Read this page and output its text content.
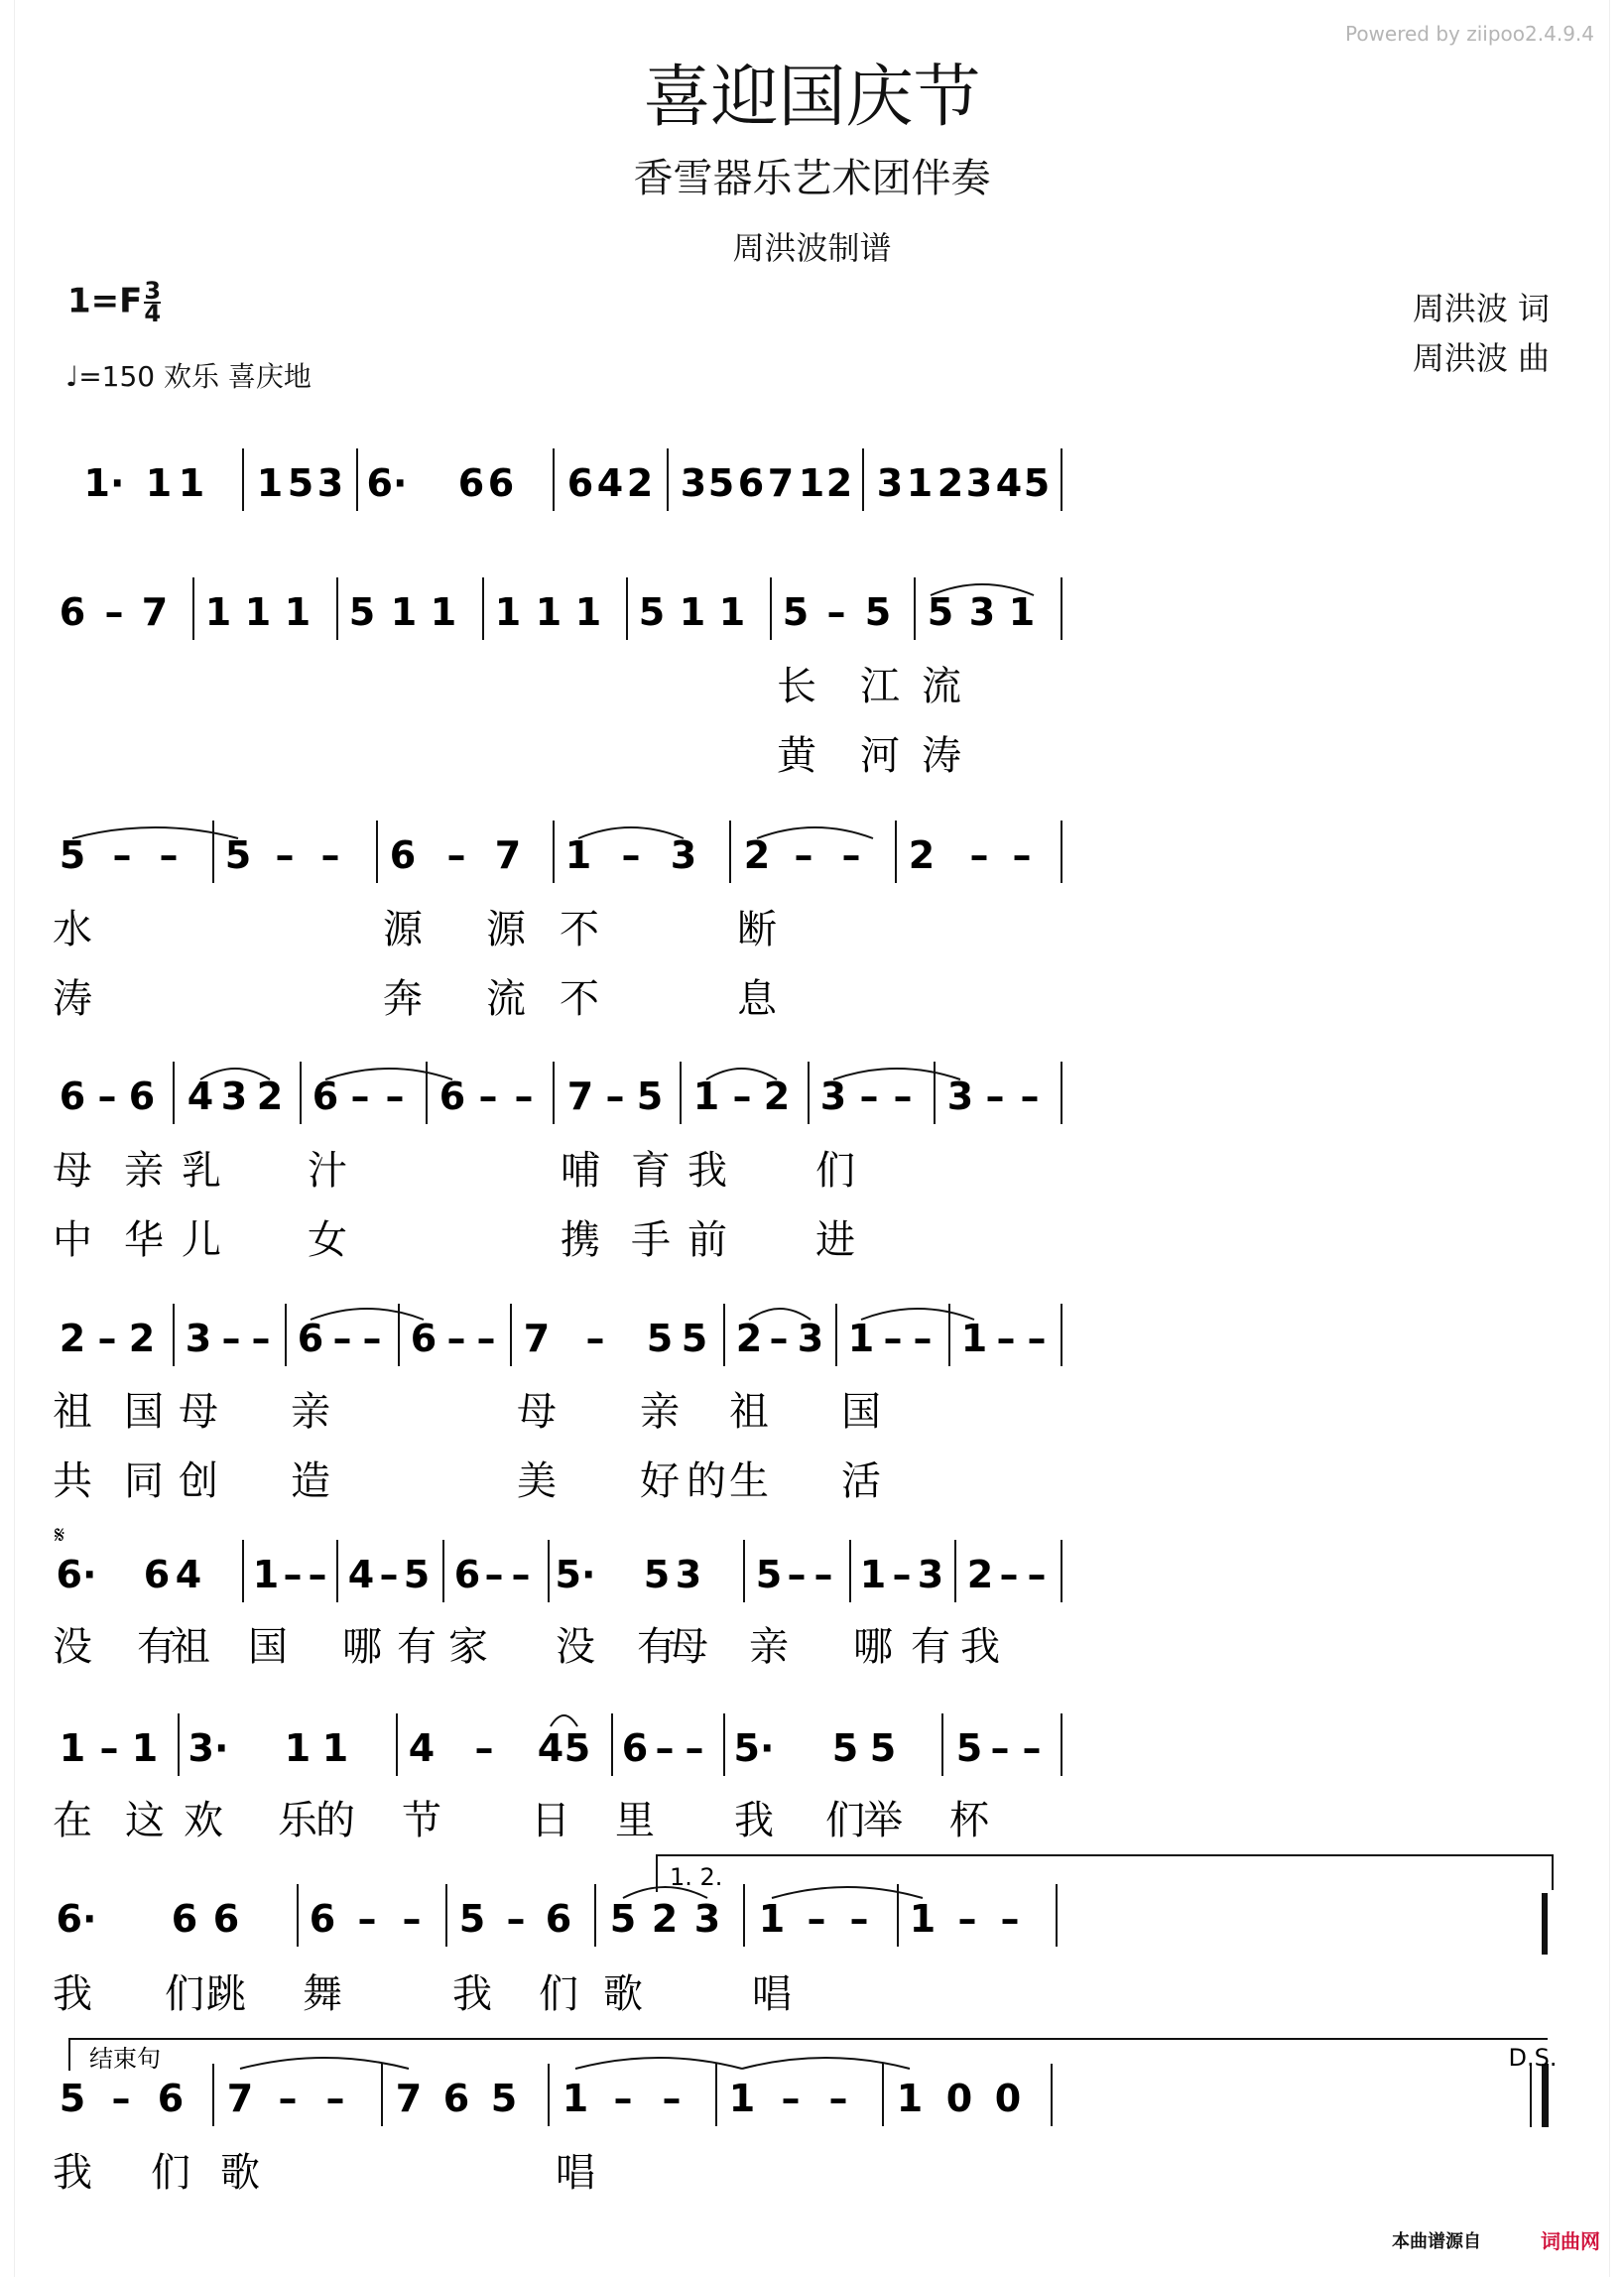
Powered by ziipoo2.4.9.4
喜迎国庆节
香雪器乐艺术团伴奏
周洪波制谱
$1=F \frac{3}{4}$
♩=150 欢乐 喜庆地
周洪波 词
周洪波 曲
1· 1 1 1 5 3 6· 6 6 6 4 2 3 5 6 7 1 2 3 1 2 3 4 5
6 – 7 1 1 1 5 1 1 1 1 1 5 1 1 5 – 5 5 3 1
长 江 流
黄 河 涛
5 – – 5 – – 6 – 7 1 – 3 2 – – 2 – –
水	源 源 不	断
涛	奔 流 不	息
6 – 6 4 3 2 6 – – 6 – – 7 – 5 1 – 2 3 – – 3 – –
母 亲 乳 汁	哺 育 我 们
中 华 儿 女	携 手 前 进
2 – 2 3 – – 6 – – 6 – – 7 – 5 5 2 – 3 1 – – 1 – –
祖 国 母 亲	母 亲 祖 国
共 同 创 造	美 好 的 生 活
6· 6 4 1 – – 4 – 5 6 – – 5· 5 3 5 – – 1 – 3 2 – –
没 有
祖 国 哪 有 家 没 有
母 亲 哪 有 我
1 – 1 3· 1 1 4 – 4 5 6 – – 5· 5 5 5 – –
在 这 欢 乐
的 节 日 里 我 们
举 杯
6· 6 6 6 – – 5 – 6 5 2 3 1 – – 1 – –
我 们 跳 舞	我 们 歌	唱
5 – 6 7 – – 7 6 5 1 – – 1 – – 1 0 0
我 们 歌	唱
1. 2.
结束句	D.S.
𝄋
本曲谱源自	词曲网
